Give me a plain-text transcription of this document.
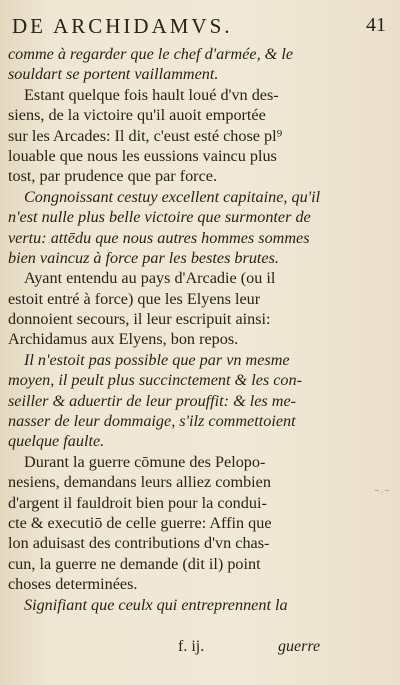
DE ARCHIDAMVS.	41
comme à regarder que le chef d'armée, & le
souldart se portent vaillamment.
Estant quelque fois hault loué d'vn des-
siens, de la victoire qu'il auoit emportée
sur les Arcades: Il dit, c'eust esté chose pl⁹
louable que nous les eussions vaincu plus
tost, par prudence que par force.
Congnoissant cestuy excellent capitaine, qu'il
n'est nulle plus belle victoire que surmonter de
vertu: attēdu que nous autres hommes sommes
bien vaincuz à force par les bestes brutes.
Ayant entendu au pays d'Arcadie (ou il
estoit entré à force) que les Elyens leur
donnoient secours, il leur escripuit ainsi:
Archidamus aux Elyens, bon repos.
Il n'estoit pas possible que par vn mesme
moyen, il peult plus succinctement & les con-
seiller & aduertir de leur prouffit: & les me-
nasser de leur dommaige, s'ilz commettoient
quelque faulte.
Durant la guerre cōmune des Pelopo-
nesiens, demandans leurs alliez combien
d'argent il fauldroit bien pour la condui-
cte & executiō de celle guerre: Affin que
lon aduisast des contributions d'vn chas-
cun, la guerre ne demande (dit il) point
choses determinées.
Signifiant que ceulx qui entreprennent la
~.~
f. ij.	guerre
